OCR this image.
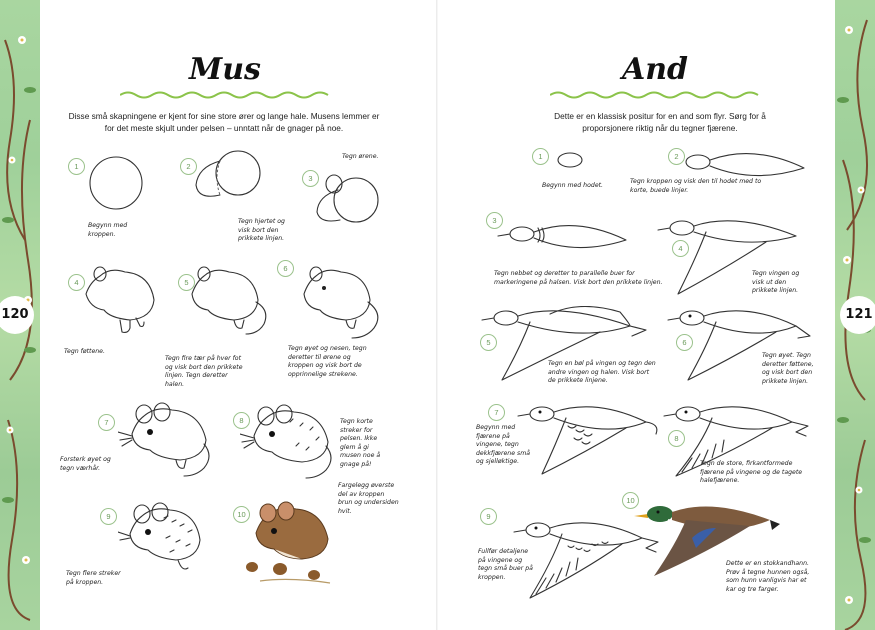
120	121
Mus	And
Disse små skapningene er kjent for sine store ører og lange hale. Musens lemmer er for det meste skjult under pelsen – unntatt når de gnager på noe.
Dette er en klassisk positur for en and som flyr. Sørg for å proporsjonere riktig når du tegner fjærene.
1
Begynn med kroppen.
2
Tegn hjertet og visk bort den prikkete linjen.
3
Tegn ørene.
4
Tegn føttene.
5
Tegn fire tær på hver fot og visk bort den prikkete linjen. Tegn deretter halen.
6
Tegn øyet og nesen, tegn deretter til ørene og kroppen og visk bort de opprinnelige strekene.
7
Forsterk øyet og tegn værhår.
8	Tegn korte streker for pelsen. Ikke glem å gi musen noe å gnage på!
9
Tegn flere streker på kroppen.
10
Fargelegg øverste del av kroppen brun og undersiden hvit.
1
Begynn med hodet.
2
Tegn kroppen og visk den til hodet med to korte, buede linjer.
3
Tegn nebbet og deretter to parallelle buer for markeringene på halsen. Visk bort den prikkete linjen.
4
Tegn vingen og visk ut den prikkete linjen.
5
Tegn en bøl på vingen og tegn den andre vingen og halen. Visk bort de prikkete linjene.
6
Tegn øyet. Tegn deretter føttene, og visk bort den prikkete linjen.
7
Begynn med fjærene på vingene, tegn dekkfjærene små og sjelløktige.
8
Tegn de store, firkantformede fjærene på vingene og de tagete halefjærene.
9
Fullfør detaljene på vingene og tegn små buer på kroppen.
10
Dette er en stokkandhann. Prøv å tegne hunnen også, som hunn vanligvis har et kar og tre farger.
